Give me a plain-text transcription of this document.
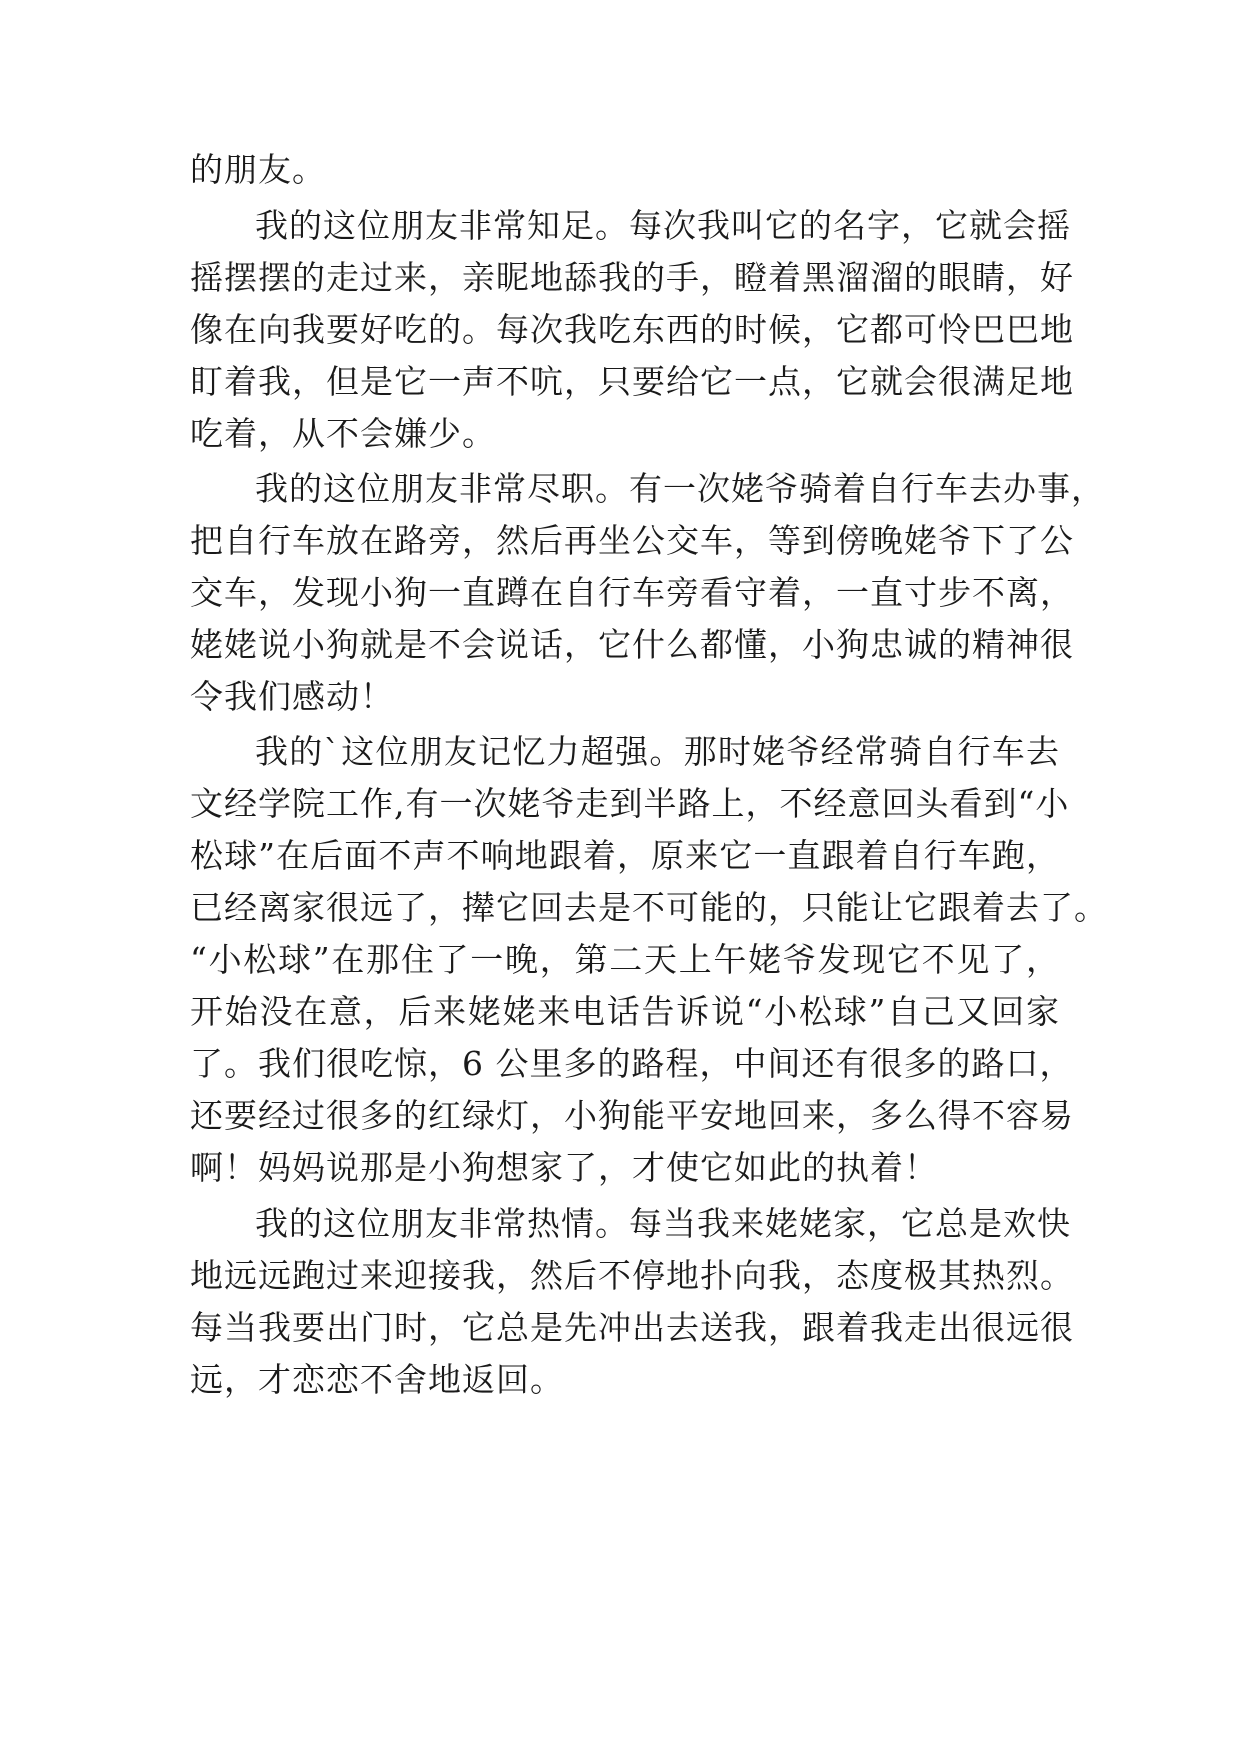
的朋友。
我的这位朋友非常知足。每次我叫它的名字，它就会摇
摇摆摆的走过来，亲昵地舔我的手，瞪着黑溜溜的眼睛，好
像在向我要好吃的。每次我吃东西的时候，它都可怜巴巴地
盯着我，但是它一声不吭，只要给它一点，它就会很满足地
吃着，从不会嫌少。
我的这位朋友非常尽职。有一次姥爷骑着自行车去办事，
把自行车放在路旁，然后再坐公交车，等到傍晚姥爷下了公
交车，发现小狗一直蹲在自行车旁看守着，一直寸步不离，
姥姥说小狗就是不会说话，它什么都懂，小狗忠诚的精神很
令我们感动！
我的`这位朋友记忆力超强。那时姥爷经常骑自行车去
文经学院工作,有一次姥爷走到半路上，不经意回头看到“小
松球”在后面不声不响地跟着，原来它一直跟着自行车跑，
已经离家很远了，撵它回去是不可能的，只能让它跟着去了。
“小松球”在那住了一晚，第二天上午姥爷发现它不见了，
开始没在意，后来姥姥来电话告诉说“小松球”自己又回家
了。我们很吃惊，6 公里多的路程，中间还有很多的路口，
还要经过很多的红绿灯，小狗能平安地回来，多么得不容易
啊！妈妈说那是小狗想家了，才使它如此的执着！
我的这位朋友非常热情。每当我来姥姥家，它总是欢快
地远远跑过来迎接我，然后不停地扑向我，态度极其热烈。
每当我要出门时，它总是先冲出去送我，跟着我走出很远很
远，才恋恋不舍地返回。
